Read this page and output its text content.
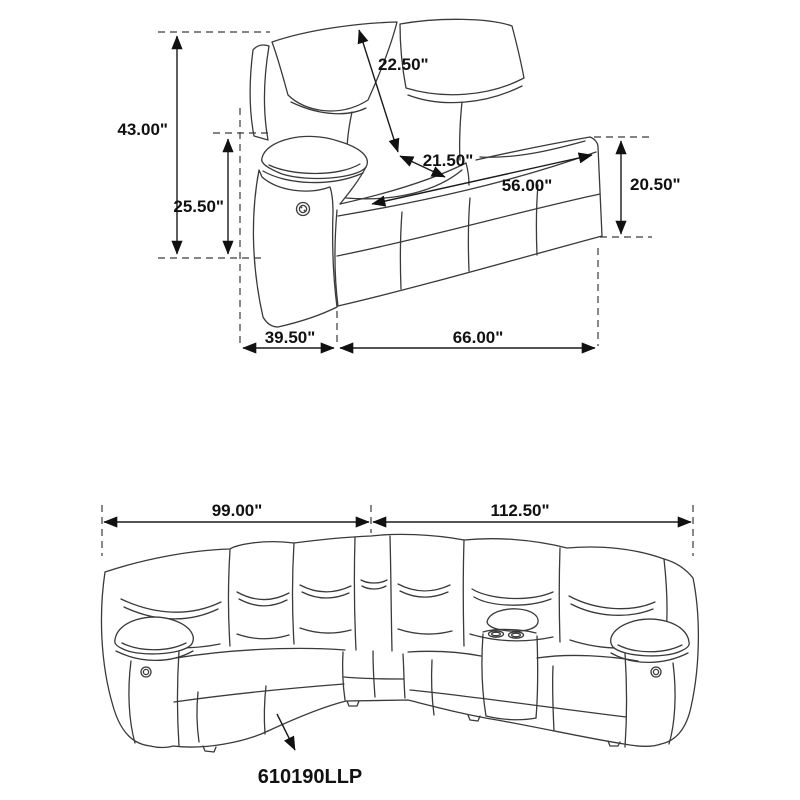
43.00"
25.50"
22.50"
21.50"
56.00"	20.50"
39.50"	66.00"
99.00"	112.50"
610190LLP
